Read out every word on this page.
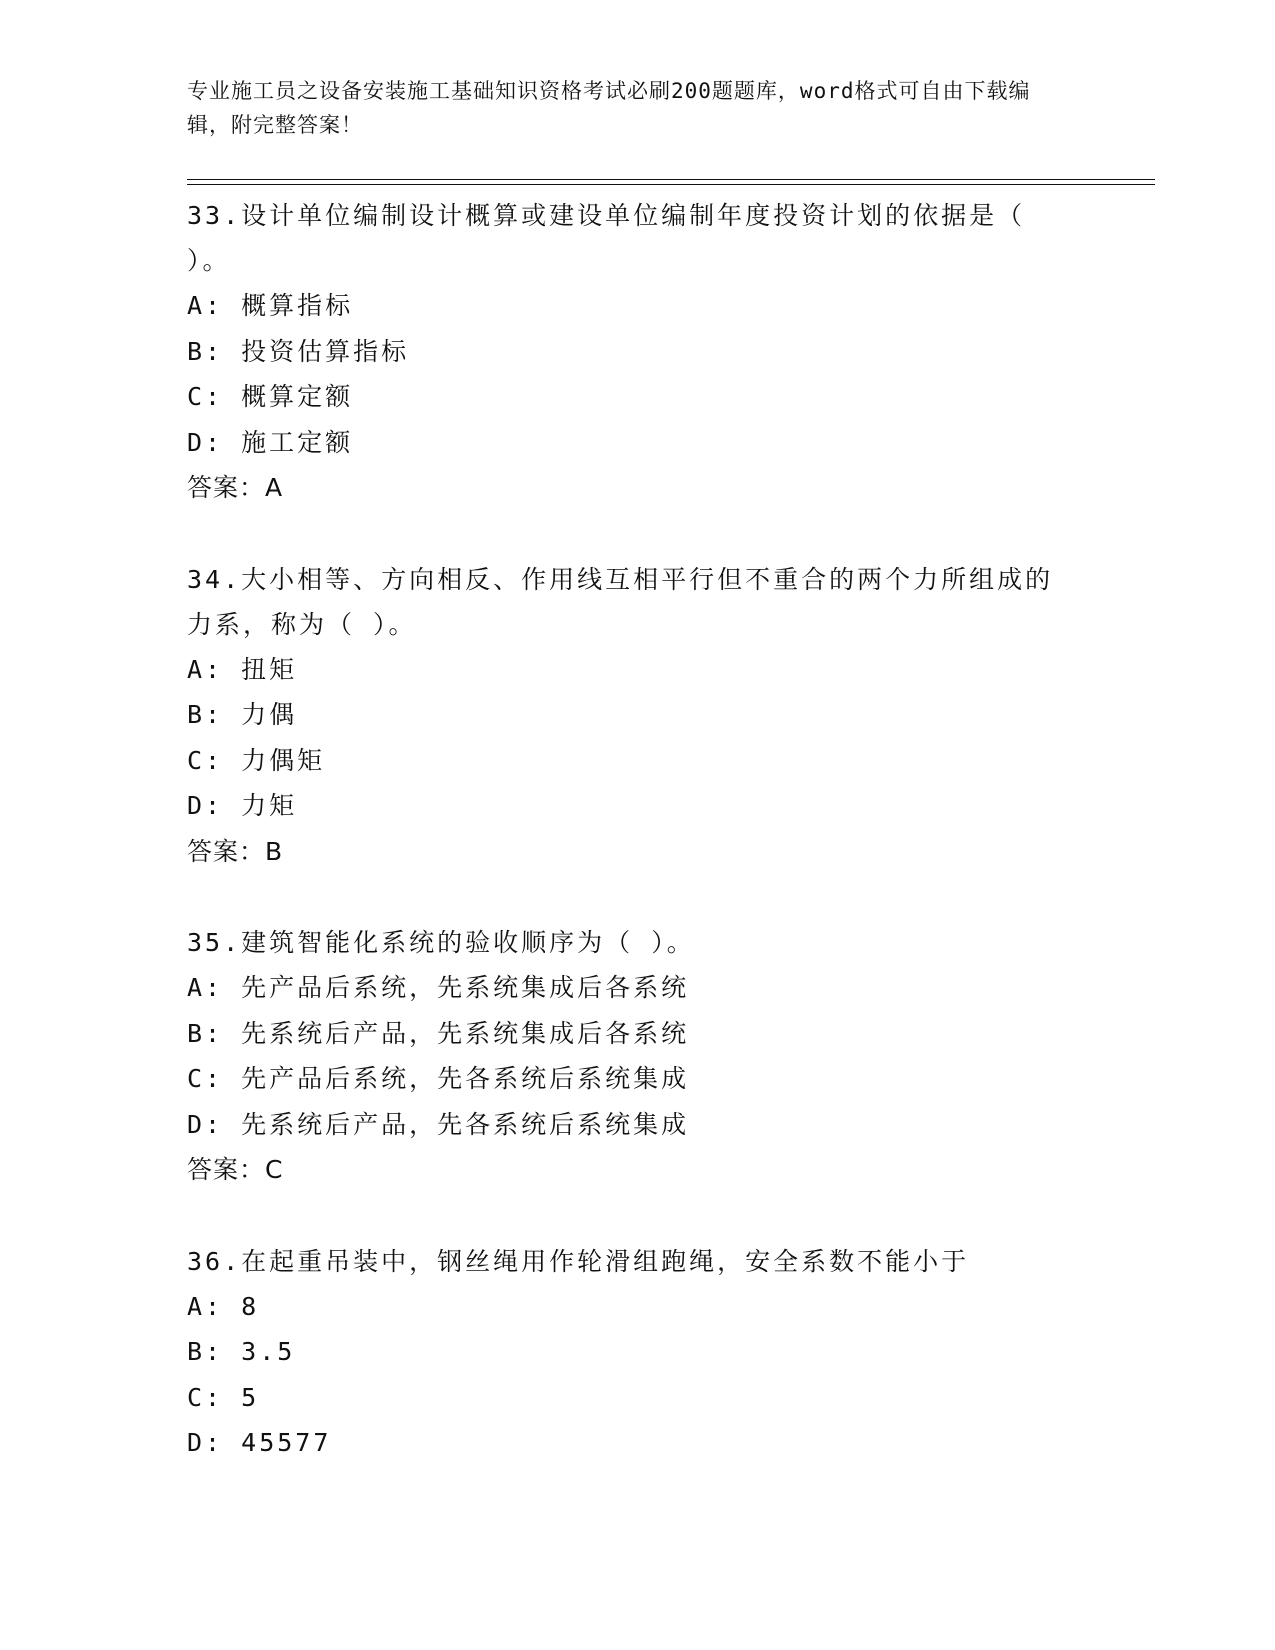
专业施工员之设备安装施工基础知识资格考试必刷200题题库，word格式可自由下载编辑，附完整答案！
33.设计单位编制设计概算或建设单位编制年度投资计划的依据是（ ）。
A: 概算指标
B: 投资估算指标
C: 概算定额
D: 施工定额
答案：A
34.大小相等、方向相反、作用线互相平行但不重合的两个力所组成的力系，称为（ ）。
A: 扭矩
B: 力偶
C: 力偶矩
D: 力矩
答案：B
35.建筑智能化系统的验收顺序为（ ）。
A: 先产品后系统，先系统集成后各系统
B: 先系统后产品，先系统集成后各系统
C: 先产品后系统，先各系统后系统集成
D: 先系统后产品，先各系统后系统集成
答案：C
36.在起重吊装中，钢丝绳用作轮滑组跑绳，安全系数不能小于
A: 8
B: 3.5
C: 5
D: 45577
